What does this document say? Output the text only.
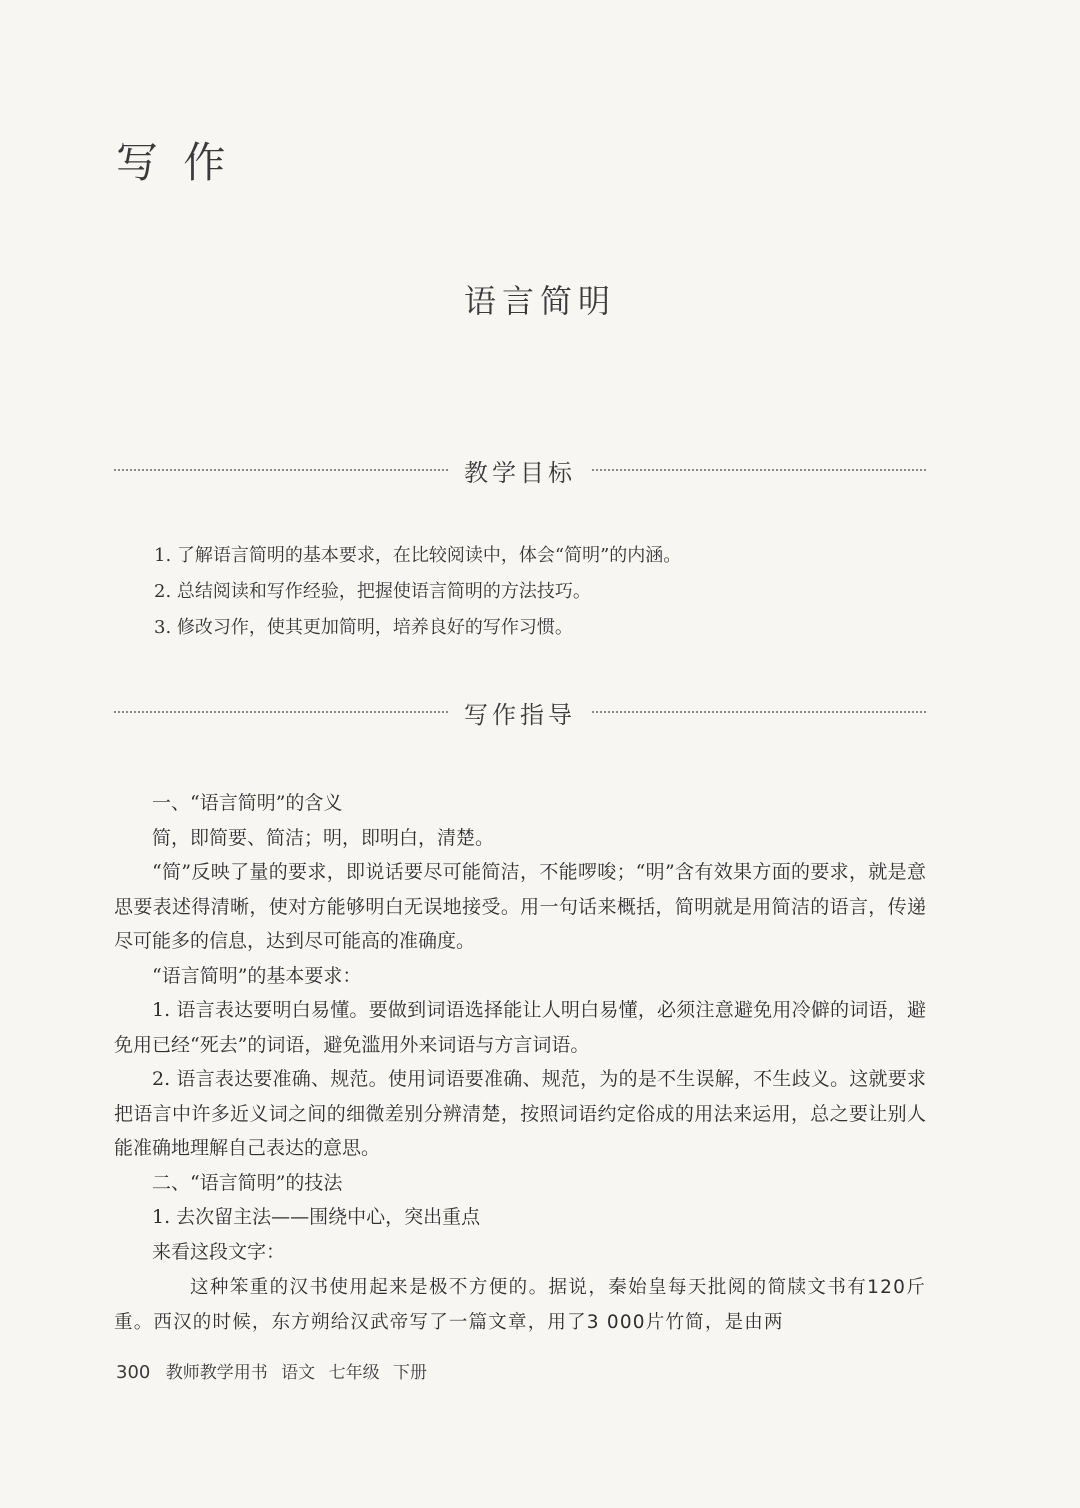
写 作
语言简明
教学目标
1. 了解语言简明的基本要求，在比较阅读中，体会“简明”的内涵。
2. 总结阅读和写作经验，把握使语言简明的方法技巧。
3. 修改习作，使其更加简明，培养良好的写作习惯。
写作指导

一、“语言简明”的含义

简，即简要、简洁；明，即明白，清楚。

“简”反映了量的要求，即说话要尽可能简洁，不能啰唆；“明”含有效果方面的要求，就是意思要表述得清晰，使对方能够明白无误地接受。用一句话来概括，简明就是用简洁的语言，传递尽可能多的信息，达到尽可能高的准确度。

“语言简明”的基本要求：

1. 语言表达要明白易懂。要做到词语选择能让人明白易懂，必须注意避免用冷僻的词语，避免用已经“死去”的词语，避免滥用外来词语与方言词语。

2. 语言表达要准确、规范。使用词语要准确、规范，为的是不生误解，不生歧义。这就要求把语言中许多近义词之间的细微差别分辨清楚，按照词语约定俗成的用法来运用，总之要让别人能准确地理解自己表达的意思。

二、“语言简明”的技法

1. 去次留主法——围绕中心，突出重点

来看这段文字：

这种笨重的汉书使用起来是极不方便的。据说，秦始皇每天批阅的简牍文书有120斤重。西汉的时候，东方朔给汉武帝写了一篇文章，用了3 000片竹简，是由两

300 教师教学用书 语文 七年级 下册
